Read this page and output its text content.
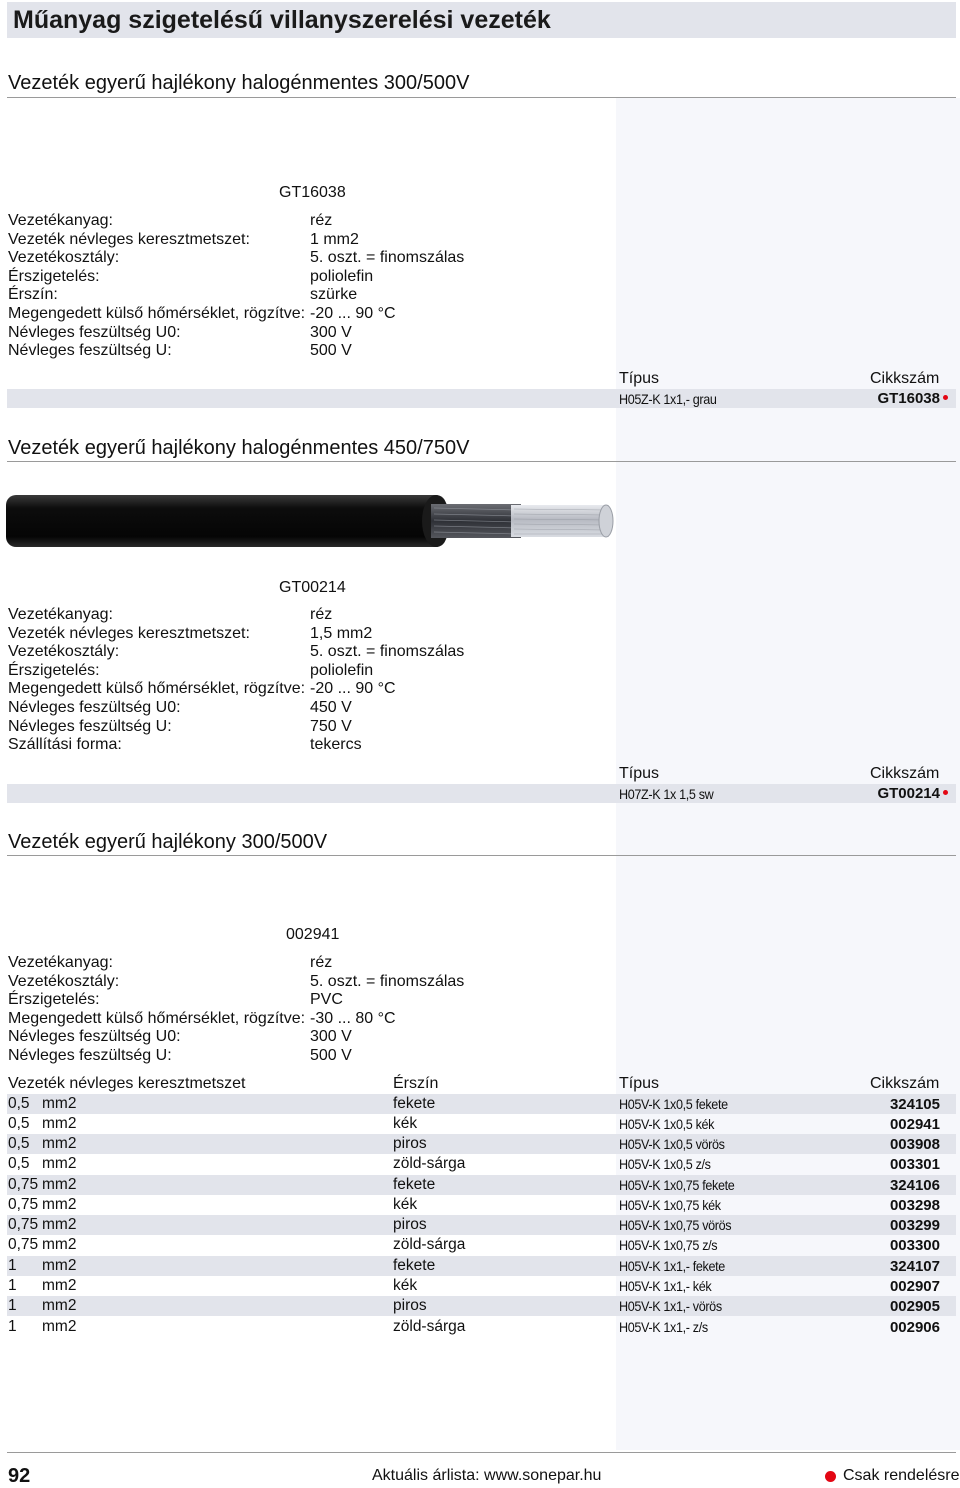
Műanyag szigetelésű villanyszerelési vezeték
Vezeték egyerű hajlékony halogénmentes 300/500V
GT16038
Vezetékanyag:	réz
Vezeték névleges keresztmetszet:	1 mm2
Vezetékosztály:	5. oszt. = finomszálas
Érszigetelés:	poliolefin
Érszín:	szürke
Megengedett külső hőmérséklet, rögzítve: -20 ... 90 °C
Névleges feszültség U0:	300 V
Névleges feszültség U:	500 V
Típus	Cikkszám
H05Z-K 1x1,- grau	GT16038
Vezeték egyerű hajlékony halogénmentes 450/750V
GT00214
Vezetékanyag:	réz
Vezeték névleges keresztmetszet:	1,5 mm2
Vezetékosztály:	5. oszt. = finomszálas
Érszigetelés:	poliolefin
Megengedett külső hőmérséklet, rögzítve: -20 ... 90 °C
Névleges feszültség U0:	450 V
Névleges feszültség U:	750 V
Szállítási forma:	tekercs
Típus	Cikkszám
H07Z-K 1x 1,5 sw	GT00214
Vezeték egyerű hajlékony 300/500V
002941
Vezetékanyag:	réz
Vezetékosztály:	5. oszt. = finomszálas
Érszigetelés:	PVC
Megengedett külső hőmérséklet, rögzítve: -30 ... 80 °C
Névleges feszültség U0:	300 V
Névleges feszültség U:	500 V
Vezeték névleges keresztmetszet	Érszín	Típus	Cikkszám
0,5 mm2	fekete	H05V-K 1x0,5 fekete	324105
0,5 mm2	kék	H05V-K 1x0,5 kék	002941
0,5 mm2	piros	H05V-K 1x0,5 vörös	003908
0,5 mm2	zöld-sárga	H05V-K 1x0,5 z/s	003301
0,75 mm2	fekete	H05V-K 1x0,75 fekete	324106
0,75 mm2	kék	H05V-K 1x0,75 kék	003298
0,75 mm2	piros	H05V-K 1x0,75 vörös	003299
0,75 mm2	zöld-sárga	H05V-K 1x0,75 z/s	003300
1 mm2	fekete	H05V-K 1x1,- fekete	324107
1 mm2	kék	H05V-K 1x1,- kék	002907
1 mm2	piros	H05V-K 1x1,- vörös	002905
1 mm2	zöld-sárga	H05V-K 1x1,- z/s	002906
92	Aktuális árlista: www.sonepar.hu	Csak rendelésre
